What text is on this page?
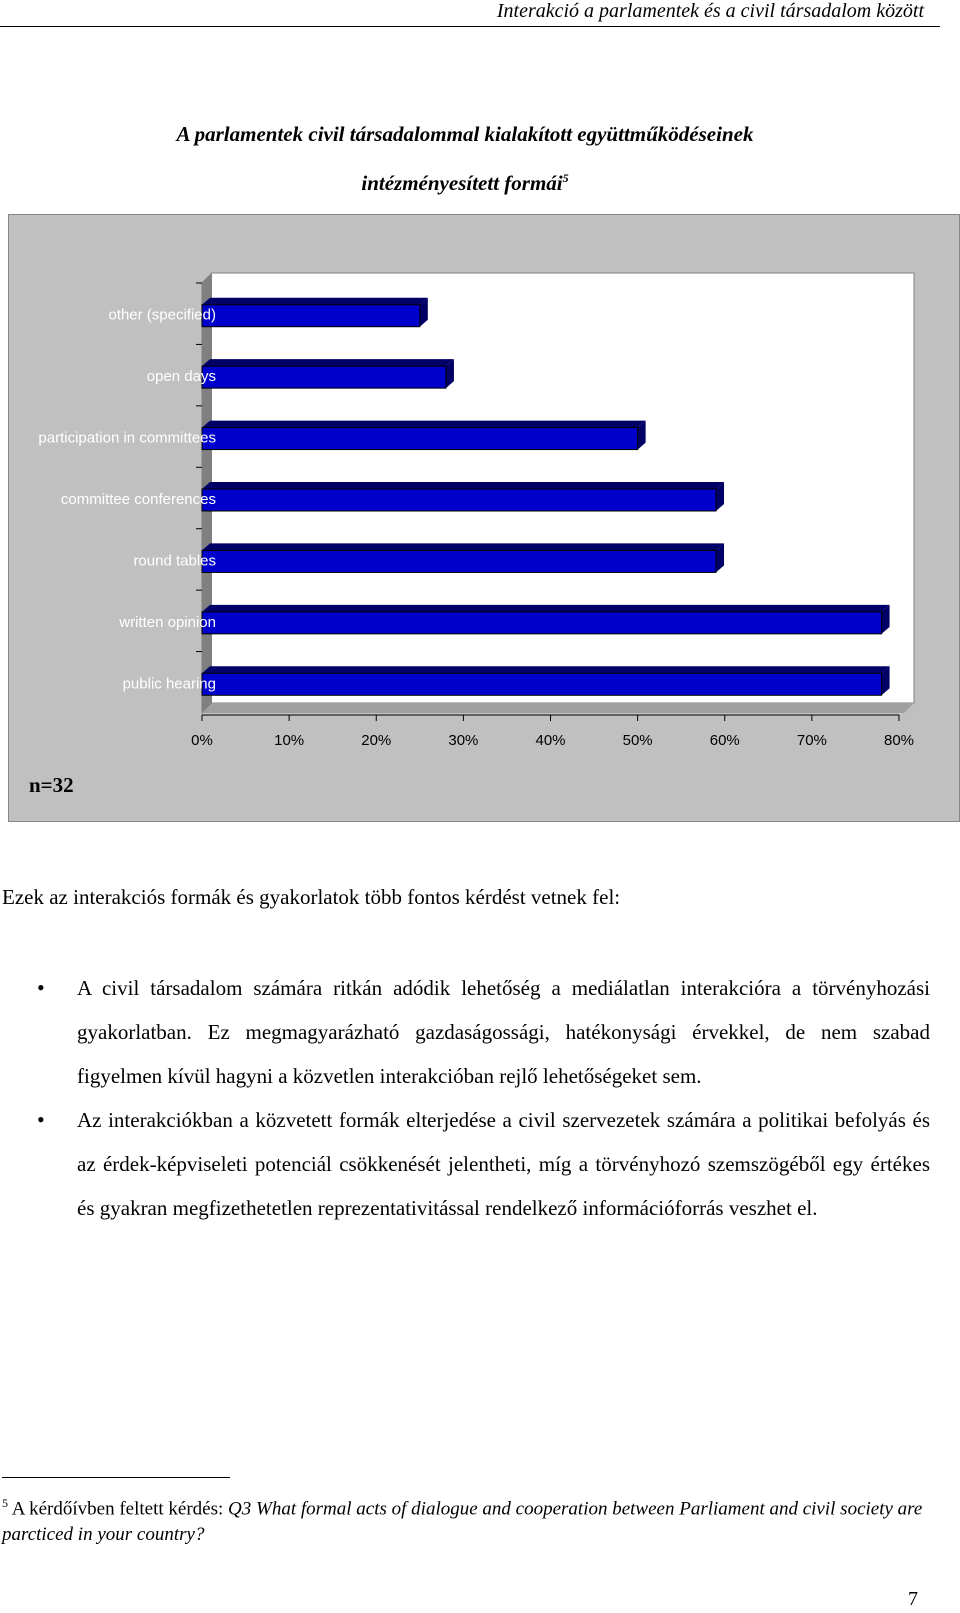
Interakció a parlamentek és a civil társadalom között
A parlamentek civil társadalommal kialakított együttműködéseinek
intézményesített formái$^5$
other (specified)
open days
participation in committees
committee conferences
round tables
written opinion
public hearing
0%	10%	20%	30%	40%	50%	60%	70%	80%
n=32
Ezek az interakciós formák és gyakorlatok több fontos kérdést vetnek fel:
• A civil társadalom számára ritkán adódik lehetőség a mediálatlan interakcióra a törvényhozási gyakorlatban. Ez megmagyarázható gazdaságossági, hatékonysági érvekkel, de nem szabad figyelmen kívül hagyni a közvetlen interakcióban rejlő lehetőségeket sem.
• Az interakciókban a közvetett formák elterjedése a civil szervezetek számára a politikai befolyás és az érdek-képviseleti potenciál csökkenését jelentheti, míg a törvényhozó szemszögéből egy értékes és gyakran megfizethetetlen reprezentativitással rendelkező információforrás veszhet el.
$^5$ A kérdőívben feltett kérdés: Q3 What formal acts of dialogue and cooperation between Parliament and civil society are parcticed in your country?
7
